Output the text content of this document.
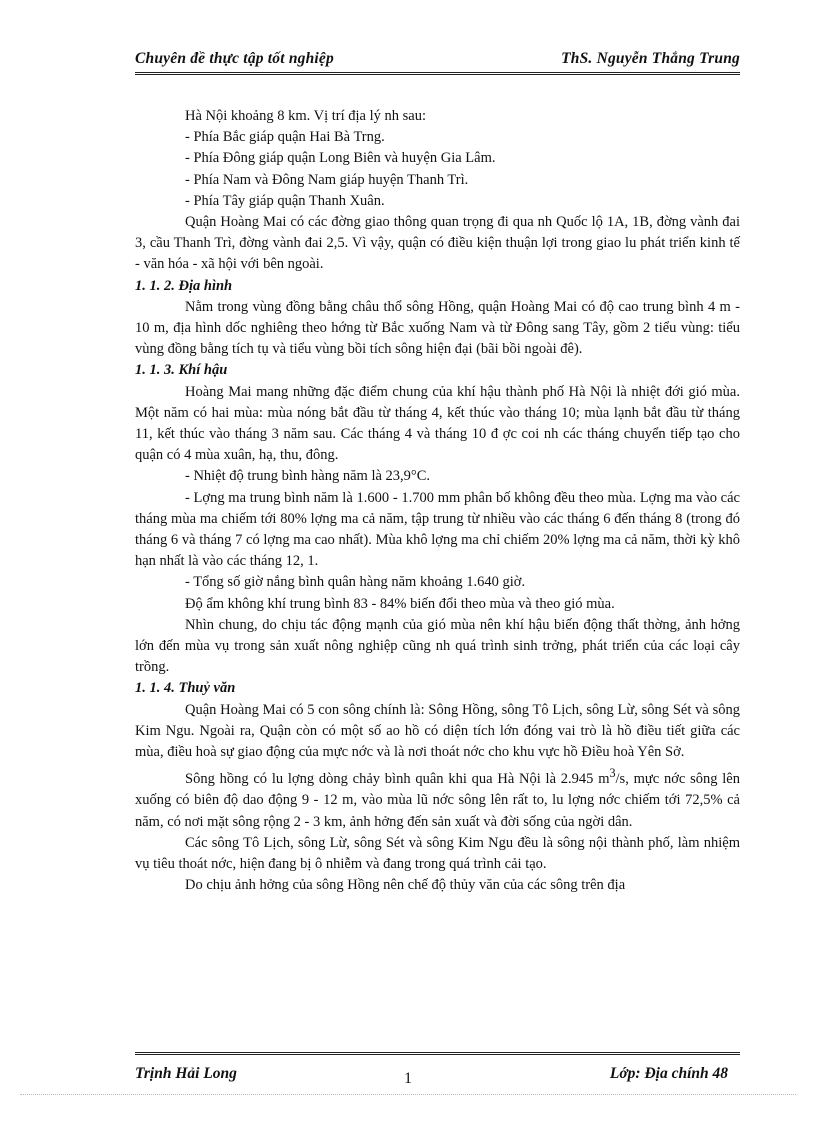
Chuyên đề thực tập tốt nghiệp	ThS. Nguyễn Thắng Trung

Hà Nội khoảng 8 km. Vị trí địa lý nh sau:

- Phía Bắc giáp quận Hai Bà Trng.

- Phía Đông giáp quận Long Biên và huyện Gia Lâm.

- Phía Nam và Đông Nam giáp huyện Thanh Trì.

- Phía Tây giáp quận Thanh Xuân.

Quận Hoàng Mai có các đờng giao thông quan trọng đi qua nh Quốc lộ 1A, 1B, đờng vành đai 3, cầu Thanh Trì, đờng vành đai 2,5. Vì vậy, quận có điều kiện thuận lợi trong giao lu phát triển kinh tế - văn hóa - xã hội với bên ngoài.

1. 1. 2. Địa hình

Nằm trong vùng đồng bằng châu thổ sông Hồng, quận Hoàng Mai có độ cao trung bình 4 m - 10 m, địa hình dốc nghiêng theo hớng từ Bắc xuống Nam và từ Đông sang Tây, gồm 2 tiểu vùng: tiểu vùng đồng bằng tích tụ và tiểu vùng bồi tích sông hiện đại (bãi bồi ngoài đê).

1. 1. 3. Khí hậu

Hoàng Mai mang những đặc điểm chung của khí hậu thành phố Hà Nội là nhiệt đới gió mùa. Một năm có hai mùa: mùa nóng bắt đầu từ tháng 4, kết thúc vào tháng 10; mùa lạnh bắt đầu từ tháng 11, kết thúc vào tháng 3 năm sau. Các tháng 4 và tháng 10 đ ợc coi nh các tháng chuyển tiếp tạo cho quận có 4 mùa xuân, hạ, thu, đông.

- Nhiệt độ trung bình hàng năm là 23,9°C.

- Lợng ma trung bình năm là 1.600 - 1.700 mm phân bố không đều theo mùa. Lợng ma vào các tháng mùa ma chiếm tới 80% lợng ma cả năm, tập trung từ nhiều vào các tháng 6 đến tháng 8 (trong đó tháng 6 và tháng 7 có lợng ma cao nhất). Mùa khô lợng ma chỉ chiếm 20% lợng ma cả năm, thời kỳ khô hạn nhất là vào các tháng 12, 1.

- Tổng số giờ nắng bình quân hàng năm khoảng 1.640 giờ.

Độ ẩm không khí trung bình 83 - 84% biến đổi theo mùa và theo gió mùa.

Nhìn chung, do chịu tác động mạnh của gió mùa nên khí hậu biến động thất thờng, ảnh hởng lớn đến mùa vụ trong sản xuất nông nghiệp cũng nh quá trình sinh trởng, phát triển của các loại cây trồng.

1. 1. 4. Thuỷ văn

Quận Hoàng Mai có 5 con sông chính là: Sông Hồng, sông Tô Lịch, sông Lừ, sông Sét và sông Kim Ngu. Ngoài ra, Quận còn có một số ao hồ có diện tích lớn đóng vai trò là hồ điều tiết giữa các mùa, điều hoà sự giao động của mực nớc và là nơi thoát nớc cho khu vực hồ Điều hoà Yên Sở.

Sông hồng có lu lợng dòng chảy bình quân khi qua Hà Nội là 2.945 $m^3/s$, mực nớc sông lên xuống có biên độ dao động 9 - 12 m, vào mùa lũ nớc sông lên rất to, lu lợng nớc chiếm tới 72,5% cả năm, có nơi mặt sông rộng 2 - 3 km, ảnh hởng đến sản xuất và đời sống của ngời dân.

Các sông Tô Lịch, sông Lừ, sông Sét và sông Kim Ngu đều là sông nội thành phố, làm nhiệm vụ tiêu thoát nớc, hiện đang bị ô nhiễm và đang trong quá trình cải tạo.

Do chịu ảnh hởng của sông Hồng nên chế độ thủy văn của các sông trên địa

Trịnh Hải Long	Lớp: Địa chính 48
1
